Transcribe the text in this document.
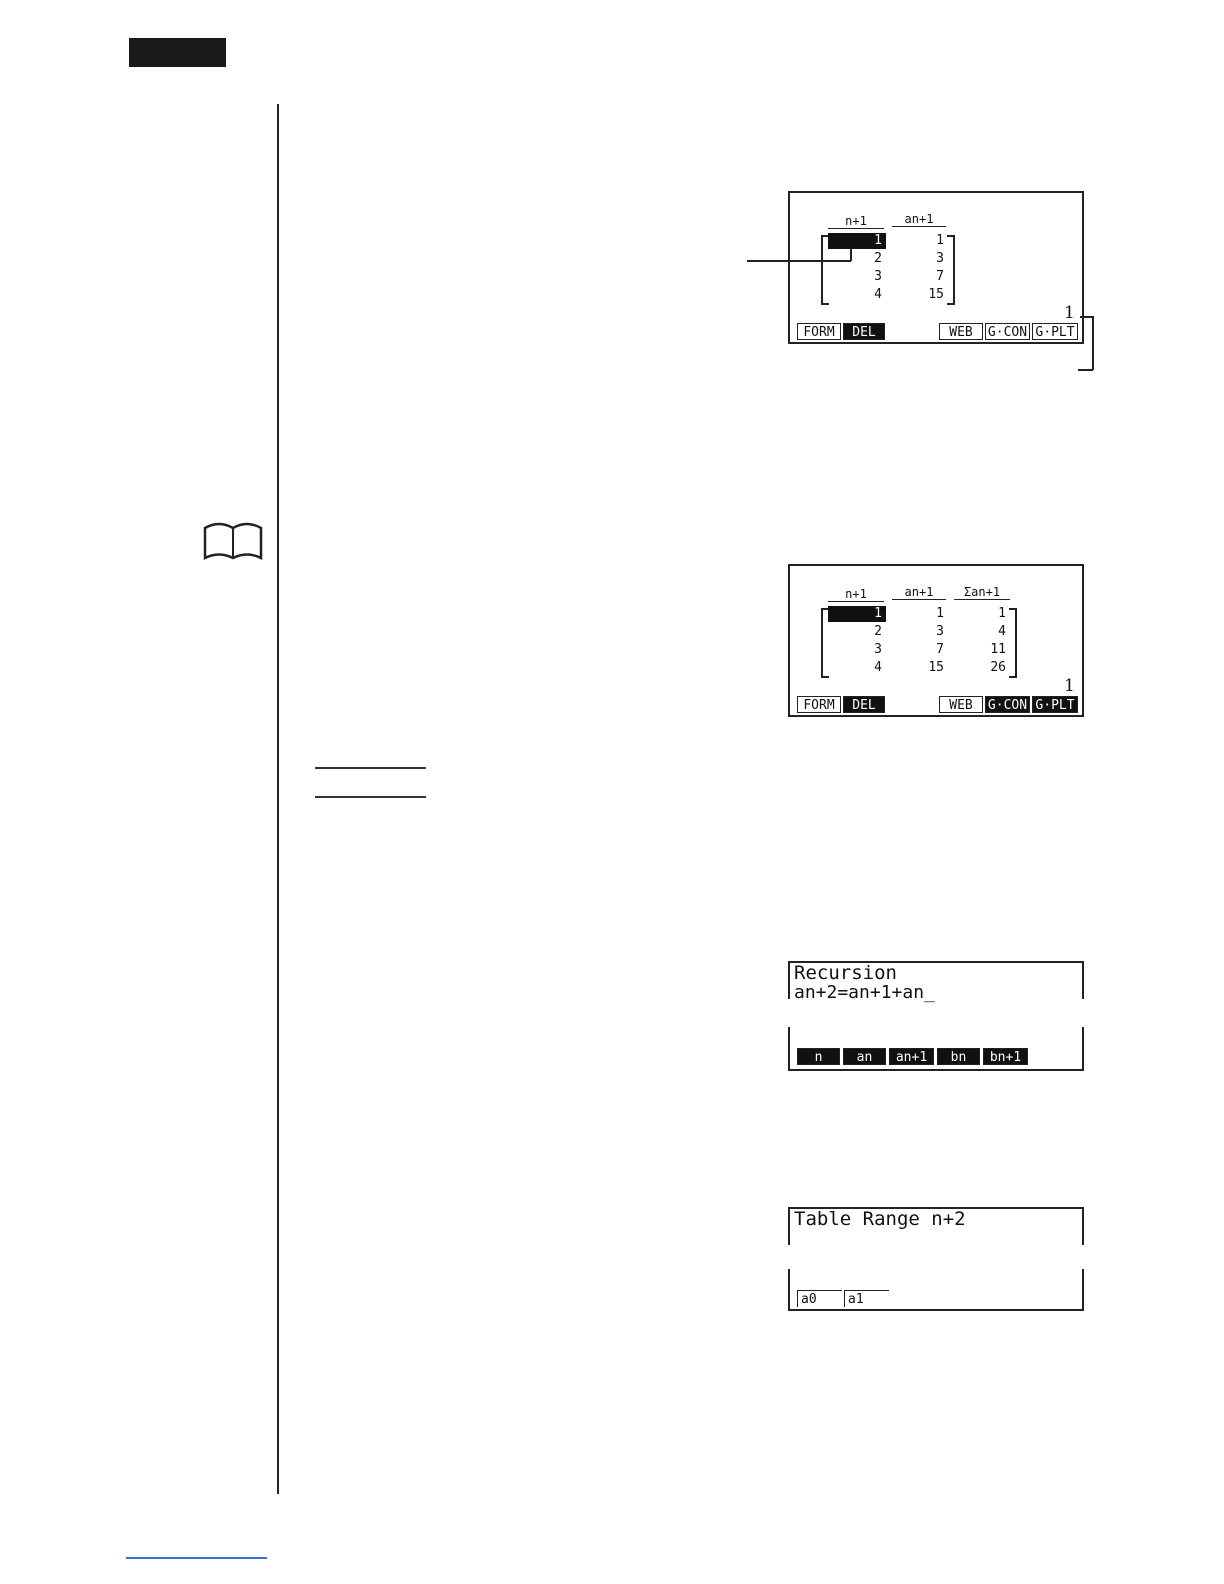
n+1	an+1
1	1
2	3
3	7
4	15
1
FORM	DEL	WEB	G·CON G·PLT
n+1	an+1	Σan+1
1	1	1
2	3	4
3	7	11
4	15	26
1
FORM	DEL	WEB	G·CON G·PLT
Recursion
an+2=an+1+an_
n	an	an+1	bn	bn+1
Table Range n+2
a0	a1
